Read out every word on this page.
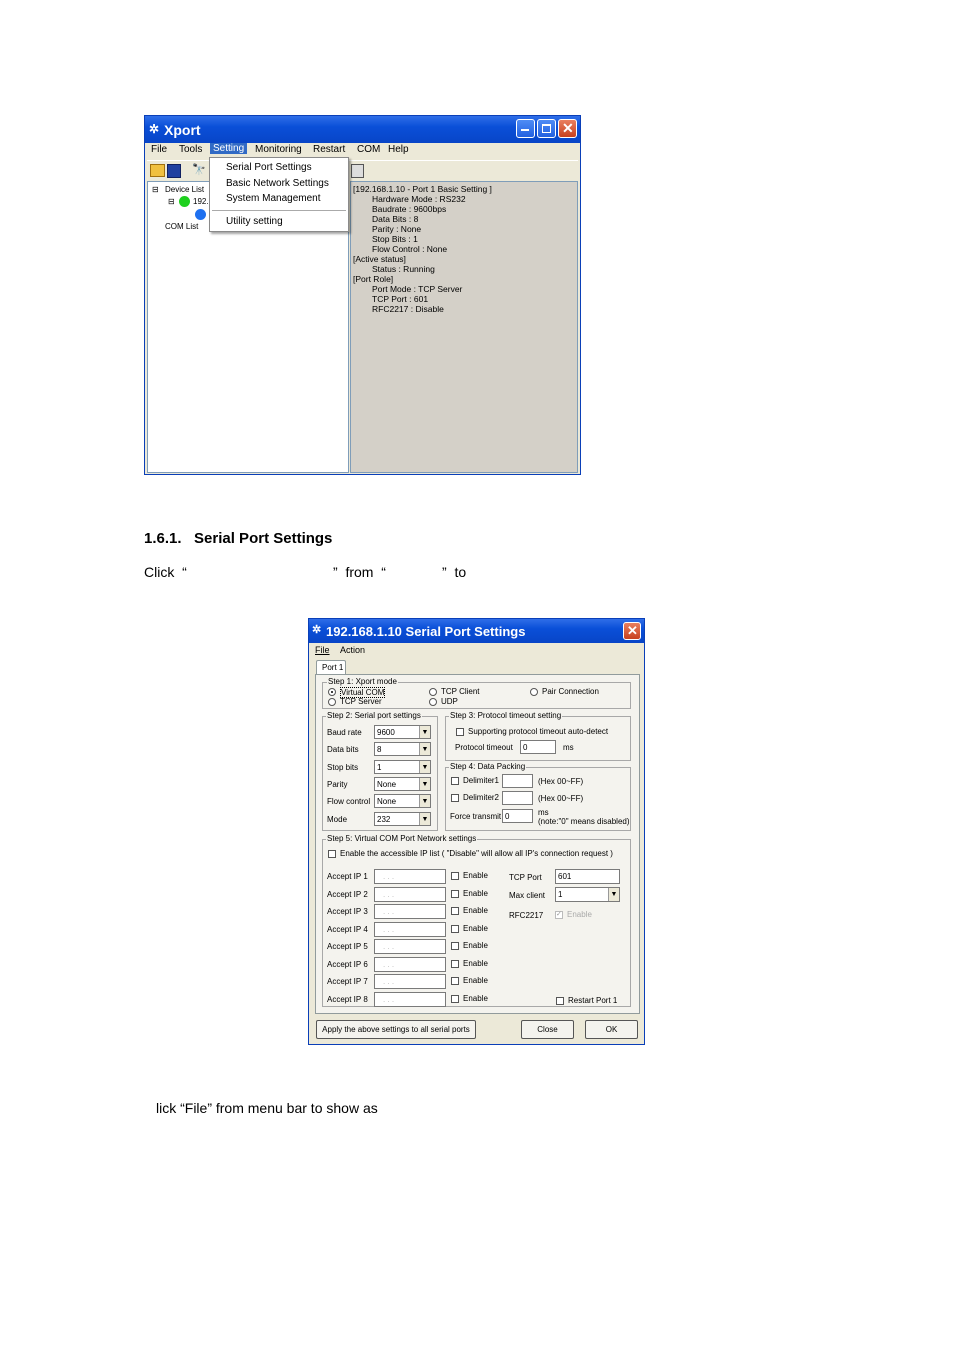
✲ Xport	✕
File Tools	Setting	Monitoring Restart COM Help
🔭
⊟ Device List
⊟ 192.
COM List
[192.168.1.10 - Port 1 Basic Setting ]
Hardware Mode : RS232
Baudrate : 9600bps
Data Bits : 8
Parity : None
Stop Bits : 1
Flow Control : None
[Active status]
Status : Running
[Port Role]
Port Mode : TCP Server
TCP Port : 601
RFC2217 : Disable
Serial Port Settings
Basic Network Settings
System Management
Utility setting
1.6.1.   Serial Port Settings
Click  “	”  from  “	”  to
✲ 192.168.1.10 Serial Port Settings	✕
File Action
Port 1
Step 1: Xport mode
Virtual COM
TCP Server
TCP Client
UDP
Pair Connection
Step 2: Serial port settings
Baud rate	9600	▼
Data bits	8	▼
Stop bits	1	▼
Parity	None	▼
Flow control None	▼
Mode	232	▼
Step 3: Protocol timeout setting
Supporting protocol timeout auto-detect
Protocol timeout	0	ms
Step 4: Data Packing
Delimiter1	(Hex 00~FF)
Delimiter2	(Hex 00~FF)
Force transmit 0	ms
(note:"0" means disabled)
Step 5: Virtual COM Port Network settings
Enable the accessible IP list ( "Disable" will allow all IP's connection request )
TCP Port	601
Max client	1	▼
RFC2217 ✓ Enable
Restart Port 1
Apply the above settings to all serial ports	Close	OK
Accept IP 1	. . .	Enable
Accept IP 2	. . .	Enable
Accept IP 3	. . .	Enable
Accept IP 4	. . .	Enable
Accept IP 5	. . .	Enable
Accept IP 6	. . .	Enable
Accept IP 7	. . .	Enable
Accept IP 8	. . .	Enable
lick “File” from menu bar to show as
